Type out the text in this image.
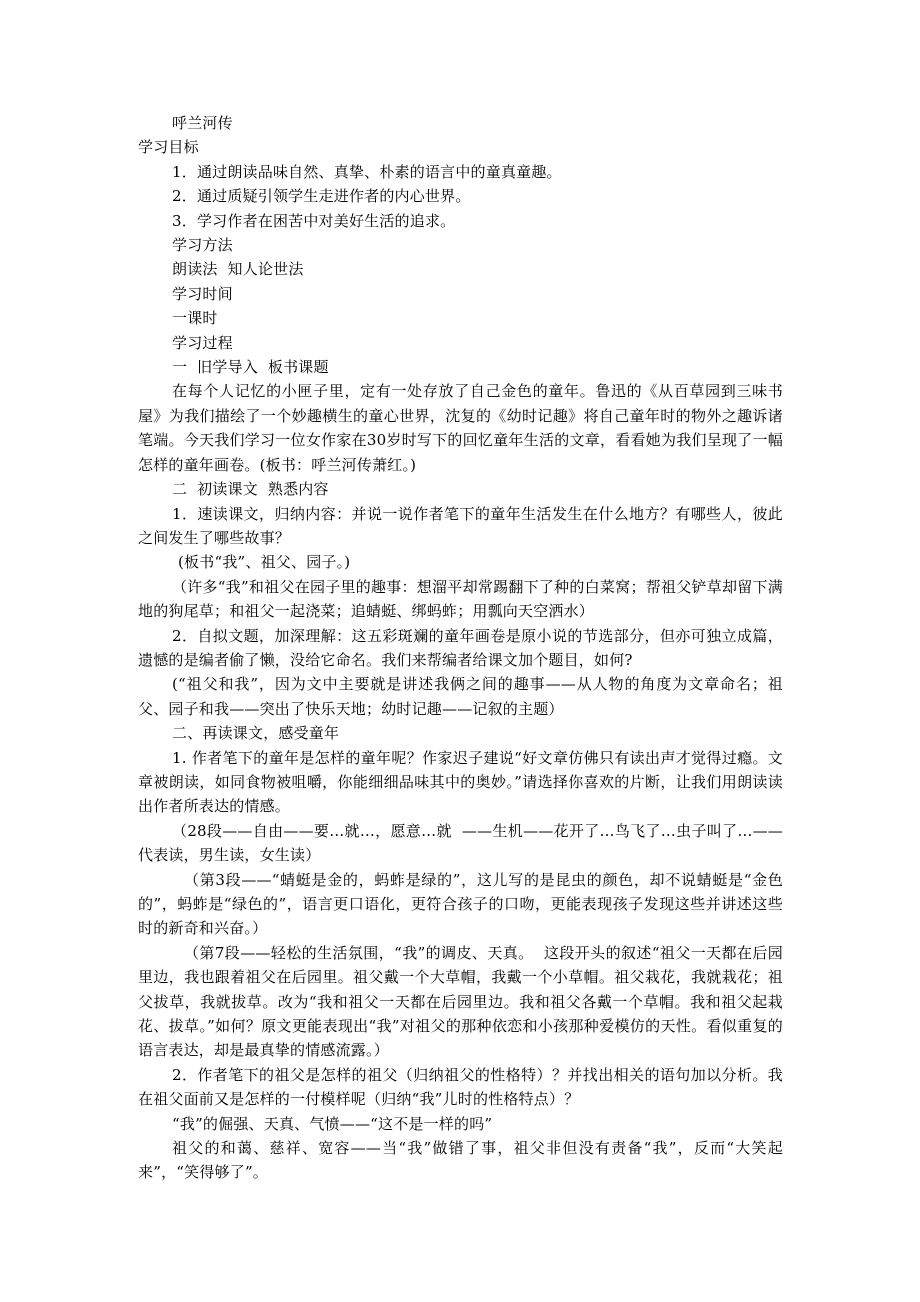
呼兰河传

学习目标

1．通过朗读品味自然、真挚、朴素的语言中的童真童趣。

2．通过质疑引领学生走进作者的内心世界。

3．学习作者在困苦中对美好生活的追求。

学习方法

朗读法  知人论世法

学习时间

一课时

学习过程

一  旧学导入  板书课题

在每个人记忆的小匣子里，定有一处存放了自己金色的童年。鲁迅的《从百草园到三味书屋》为我们描绘了一个妙趣横生的童心世界，沈复的《幼时记趣》将自己童年时的物外之趣诉诸笔端。今天我们学习一位女作家在30岁时写下的回忆童年生活的文章，看看她为我们呈现了一幅怎样的童年画卷。(板书：呼兰河传萧红。)

二  初读课文  熟悉内容

1．速读课文，归纳内容：并说一说作者笔下的童年生活发生在什么地方？有哪些人，彼此之间发生了哪些故事？

(板书“我”、祖父、园子。)

（许多“我”和祖父在园子里的趣事：想溜平却常踢翻下了种的白菜窝；帮祖父铲草却留下满地的狗尾草；和祖父一起浇菜；追蜻蜓、绑蚂蚱；用瓢向天空洒水）

2．自拟文题，加深理解：这五彩斑斓的童年画卷是原小说的节选部分，但亦可独立成篇，遗憾的是编者偷了懒，没给它命名。我们来帮编者给课文加个题目，如何?

(“祖父和我”，因为文中主要就是讲述我俩之间的趣事——从人物的角度为文章命名；祖父、园子和我——突出了快乐天地；幼时记趣——记叙的主题）

二、再读课文，感受童年

1. 作者笔下的童年是怎样的童年呢？作家迟子建说“好文章仿佛只有读出声才觉得过瘾。文章被朗读，如同食物被咀嚼，你能细细品味其中的奥妙。”请选择你喜欢的片断，让我们用朗读读出作者所表达的情感。

（28段——自由——要…就…，愿意…就  ——生机——花开了…鸟飞了…虫子叫了…——代表读，男生读，女生读）

（第3段——“蜻蜓是金的，蚂蚱是绿的”，这儿写的是昆虫的颜色，却不说蜻蜓是“金色的”，蚂蚱是“绿色的”，语言更口语化，更符合孩子的口吻，更能表现孩子发现这些并讲述这些时的新奇和兴奋。）

（第7段——轻松的生活氛围，“我”的调皮、天真。  这段开头的叙述“祖父一天都在后园里边，我也跟着祖父在后园里。祖父戴一个大草帽，我戴一个小草帽。祖父栽花，我就栽花；祖父拔草，我就拔草。改为“我和祖父一天都在后园里边。我和祖父各戴一个草帽。我和祖父起栽花、拔草。”如何？原文更能表现出“我”对祖父的那种依恋和小孩那种爱模仿的天性。看似重复的语言表达，却是最真挚的情感流露。）

2．作者笔下的祖父是怎样的祖父（归纳祖父的性格特）？并找出相关的语句加以分析。我在祖父面前又是怎样的一付模样呢（归纳“我”儿时的性格特点）？

“我”的倔强、天真、气愤——“这不是一样的吗”

祖父的和蔼、慈祥、宽容——当“我”做错了事，祖父非但没有责备“我”，反而“大笑起来”，“笑得够了”。
